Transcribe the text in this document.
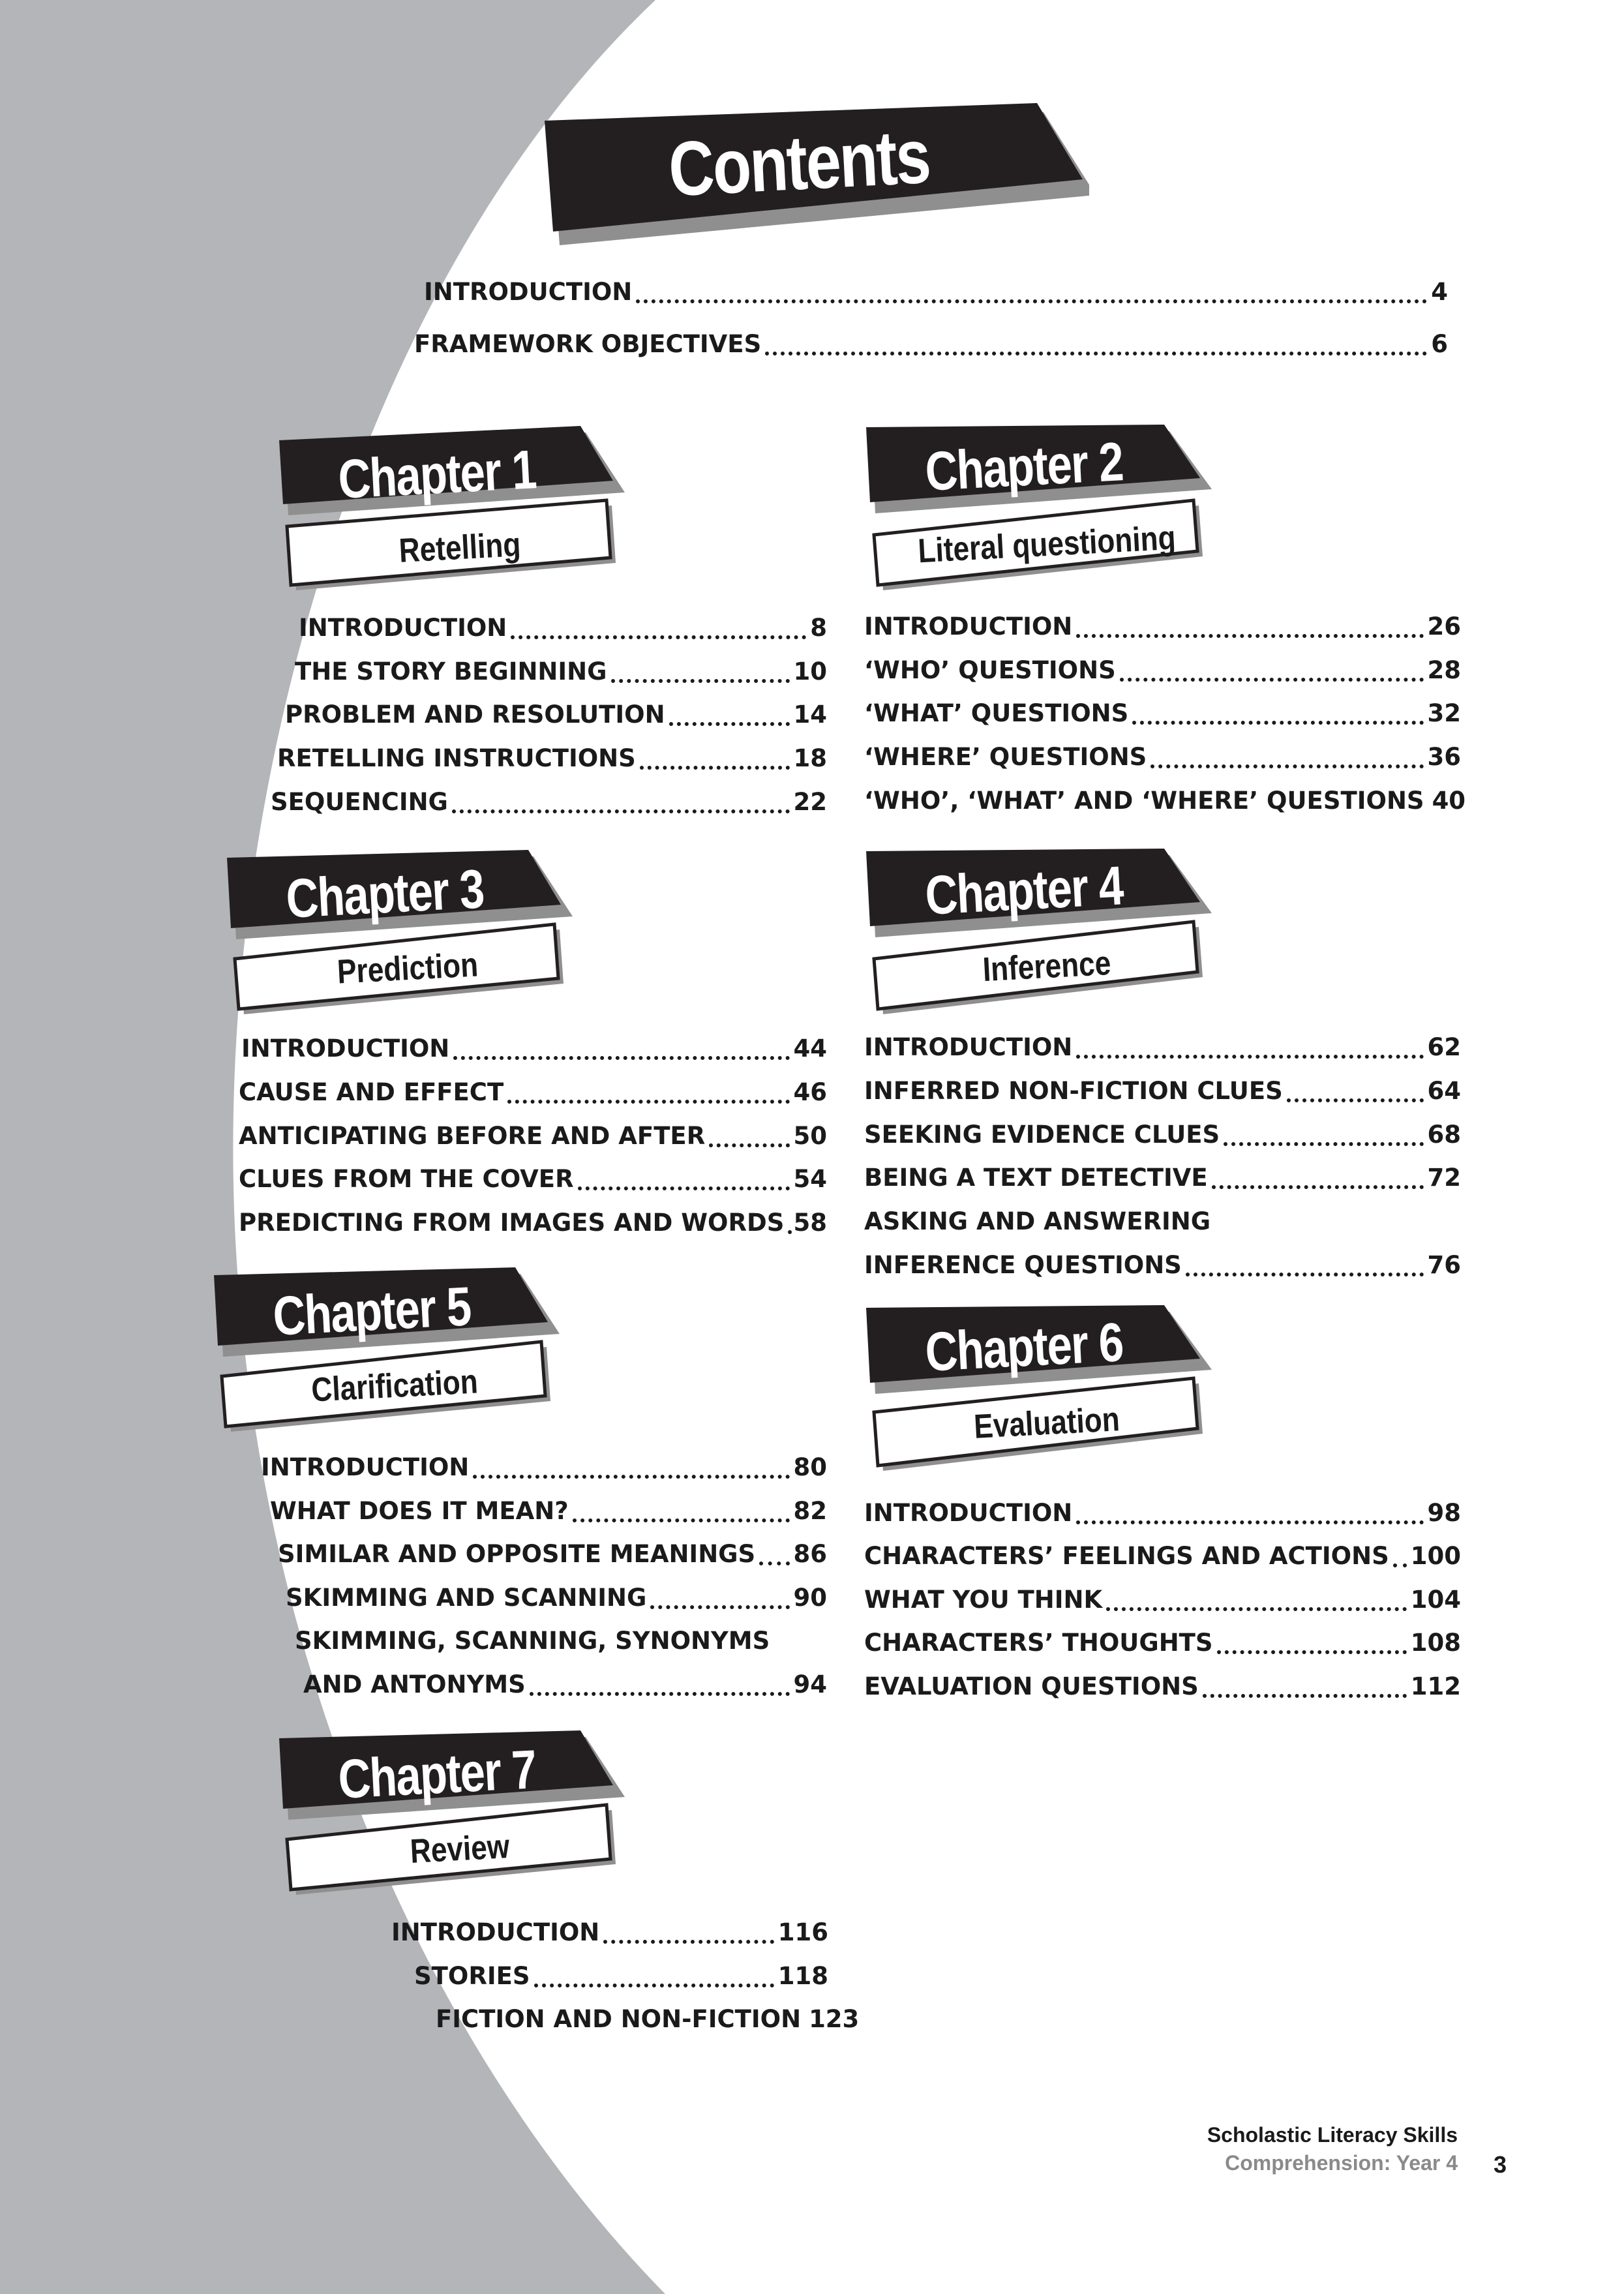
Contents
INTRODUCTION	4
FRAMEWORK OBJECTIVES	6
Chapter 1
Retelling
INTRODUCTION	8
THE STORY BEGINNING	10
PROBLEM AND RESOLUTION	14
RETELLING INSTRUCTIONS	18
SEQUENCING	22
Chapter 2
Literal questioning
INTRODUCTION	26
‘WHO’ QUESTIONS	28
‘WHAT’ QUESTIONS	32
‘WHERE’ QUESTIONS	36
‘WHO’, ‘WHAT’ AND ‘WHERE’ QUESTIONS 40
Chapter 3
Prediction
INTRODUCTION	44
CAUSE AND EFFECT	46
ANTICIPATING BEFORE AND AFTER	50
CLUES FROM THE COVER	54
PREDICTING FROM IMAGES AND WORDS 58
Chapter 4
Inference
INTRODUCTION	62
INFERRED NON-FICTION CLUES	64
SEEKING EVIDENCE CLUES	68
BEING A TEXT DETECTIVE	72
ASKING AND ANSWERING
INFERENCE QUESTIONS	76
Chapter 5
Clarification
INTRODUCTION	80
WHAT DOES IT MEAN?	82
SIMILAR AND OPPOSITE MEANINGS 86
SKIMMING AND SCANNING	90
SKIMMING, SCANNING, SYNONYMS
AND ANTONYMS	94
Chapter 6
Evaluation
INTRODUCTION	98
CHARACTERS’ FEELINGS AND ACTIONS 100
WHAT YOU THINK	104
CHARACTERS’ THOUGHTS	108
EVALUATION QUESTIONS	112
Chapter 7
Review
INTRODUCTION	116
STORIES	118
FICTION AND NON-FICTION 123
Scholastic Literacy Skills
Comprehension: Year 4 3
